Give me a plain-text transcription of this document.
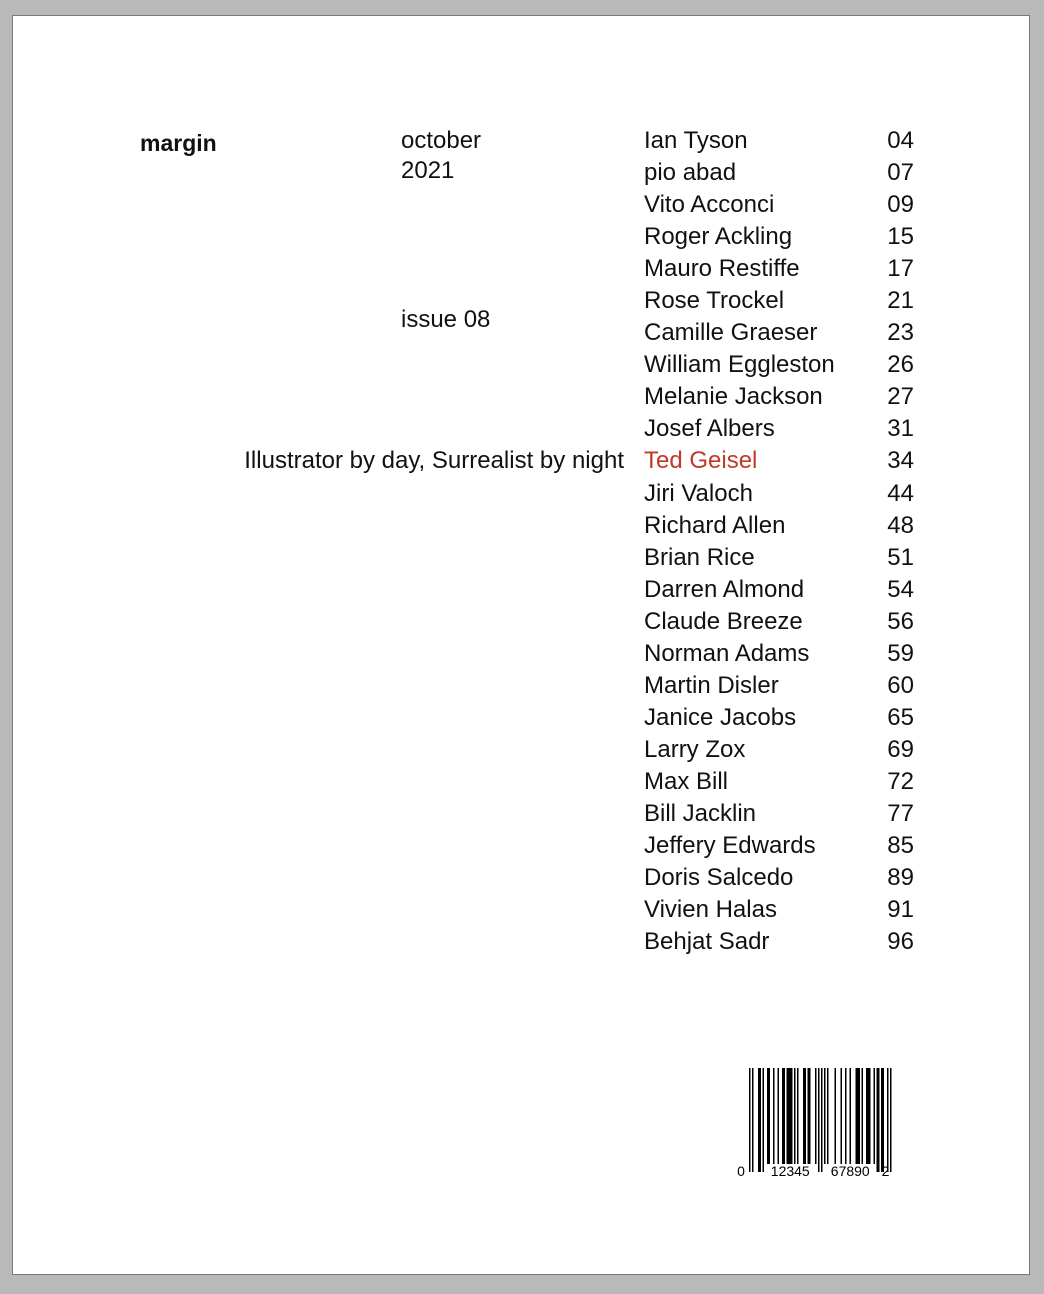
margin	october
2021
issue 08
Illustrator by day, Surrealist by night
Ian Tyson	04
pio abad	07
Vito Acconci	09
Roger Ackling	15
Mauro Restiffe	17
Rose Trockel	21
Camille Graeser	23
William Eggleston 26
Melanie Jackson	27
Josef Albers	31
Ted Geisel	34
Jiri Valoch	44
Richard Allen	48
Brian Rice	51
Darren Almond	54
Claude Breeze	56
Norman Adams	59
Martin Disler	60
Janice Jacobs	65
Larry Zox	69
Max Bill	72
Bill Jacklin	77
Jeffery Edwards	85
Doris Salcedo	89
Vivien Halas	91
Behjat Sadr	96
0 12345 67890 2
